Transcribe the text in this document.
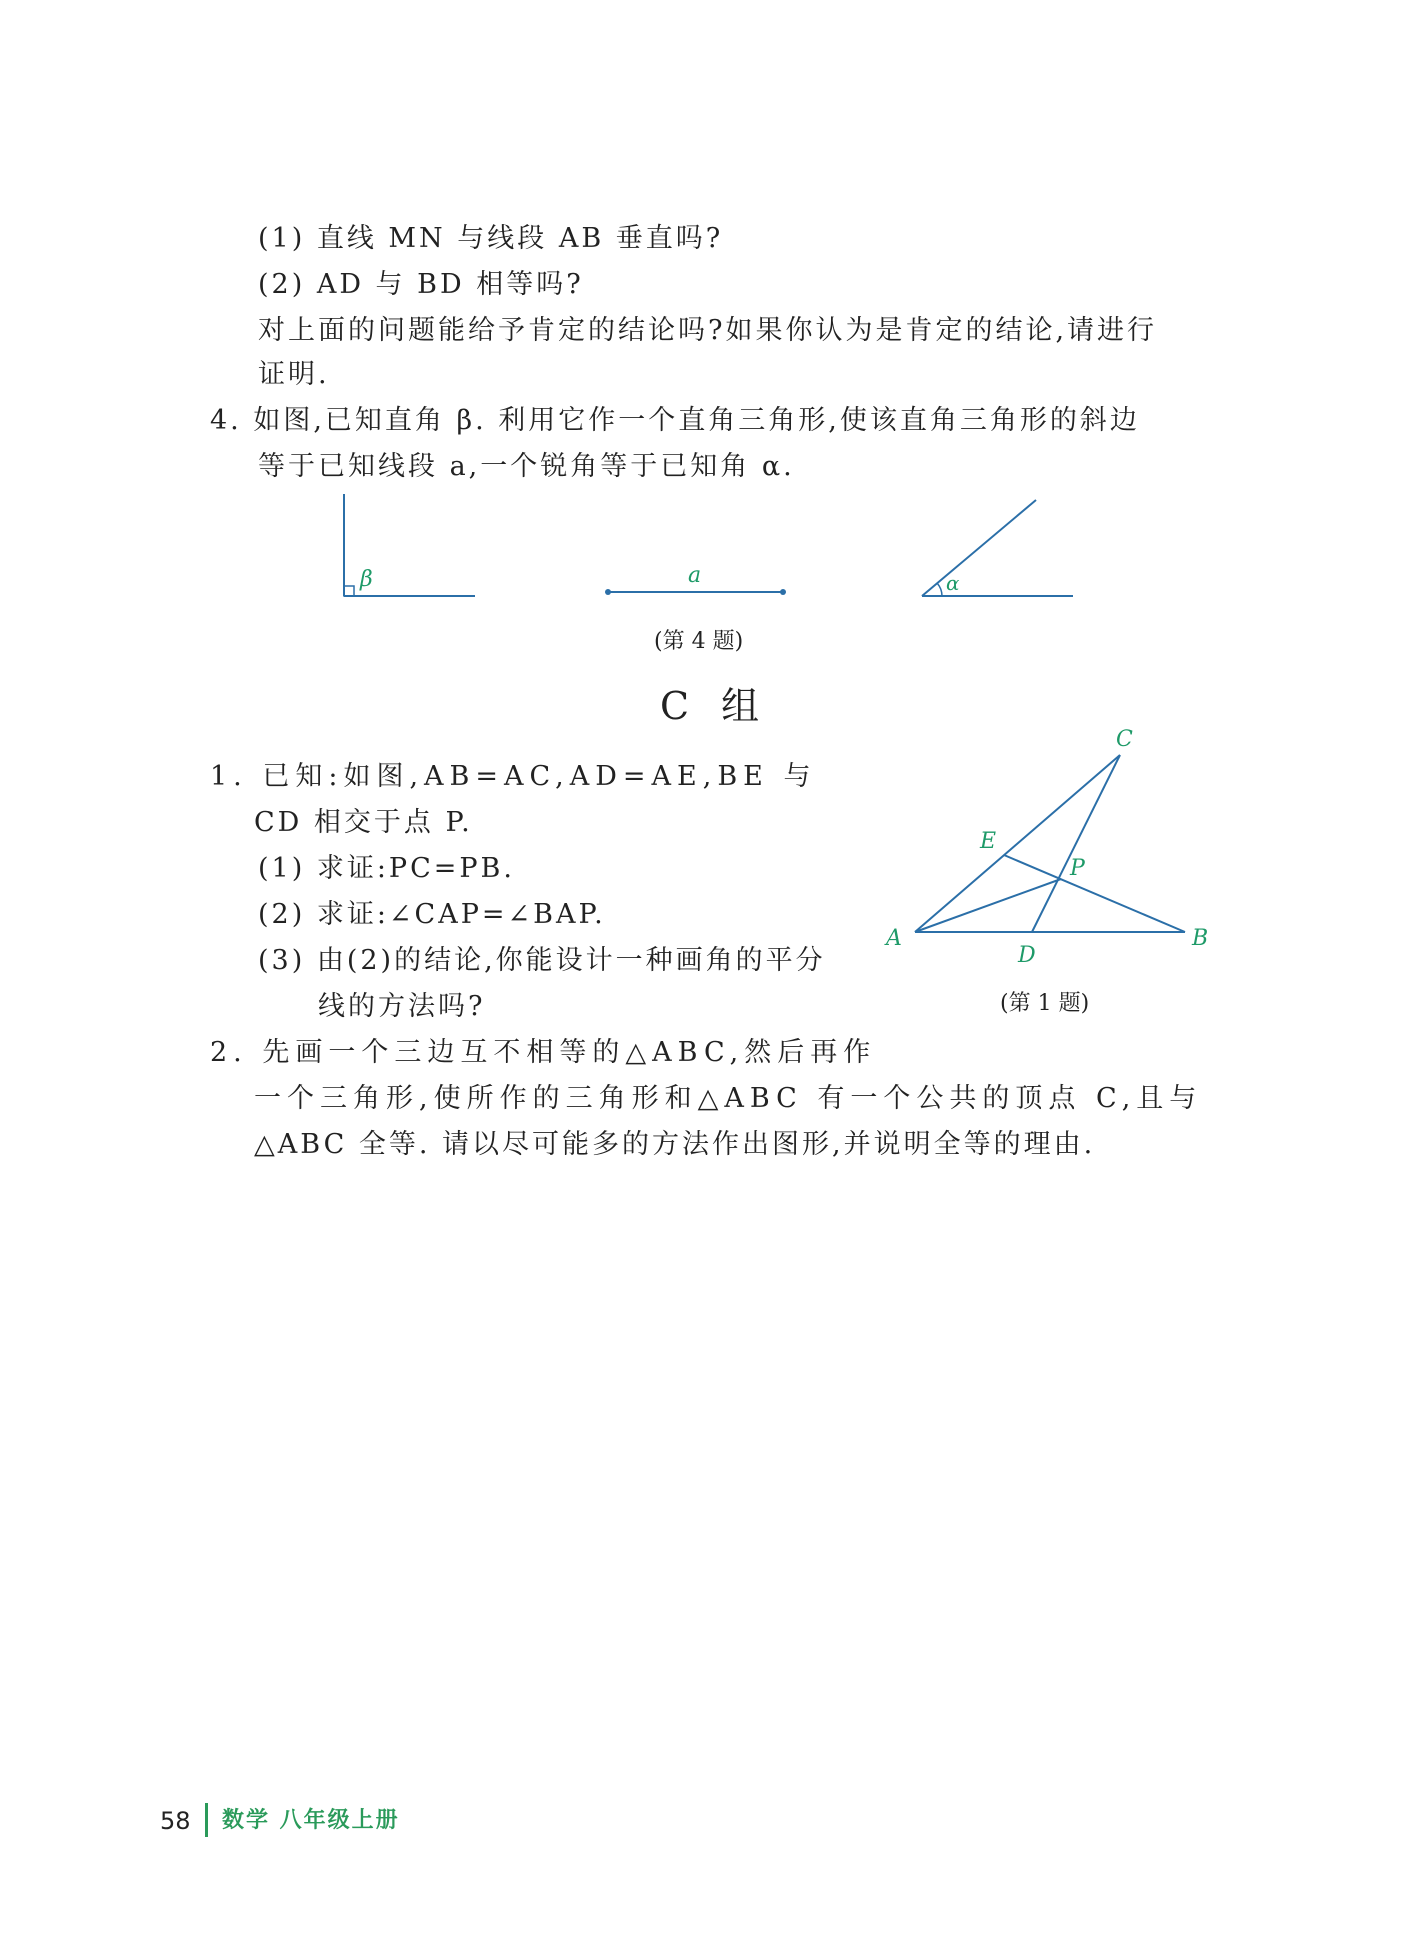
(1) 直线 MN 与线段 AB 垂直吗?
(2) AD 与 BD 相等吗?
对上面的问题能给予肯定的结论吗?如果你认为是肯定的结论,请进行
证明.
4. 如图,已知直角 β. 利用它作一个直角三角形,使该直角三角形的斜边
等于已知线段 a,一个锐角等于已知角 α.
β	a	α
(第 4 题)
C 组
1. 已知:如图,AB=AC,AD=AE,BE 与
CD 相交于点 P.
(1) 求证:PC=PB.
(2) 求证:∠CAP=∠BAP.
(3) 由(2)的结论,你能设计一种画角的平分
线的方法吗?
A	B
C
D
E
P
(第 1 题)
2. 先画一个三边互不相等的△ABC,然后再作
一个三角形,使所作的三角形和△ABC 有一个公共的顶点 C,且与
△ABC 全等. 请以尽可能多的方法作出图形,并说明全等的理由.
58 数学 八年级上册
